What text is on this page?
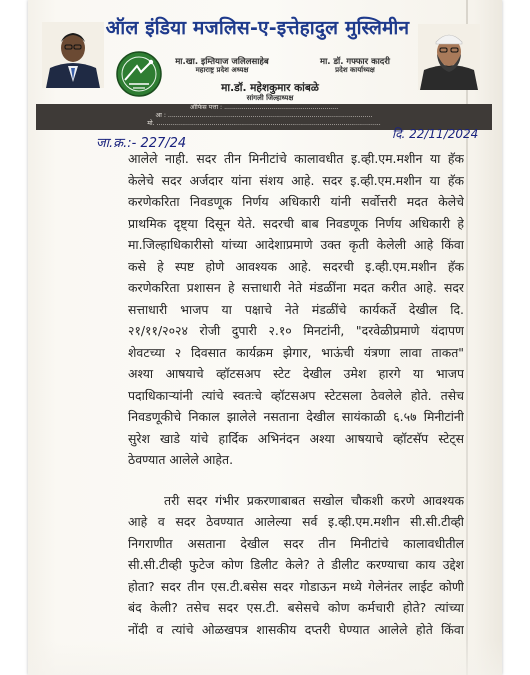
ऑल इंडिया मजलिस-ए-इत्तेहादुल मुस्लिमीन
मा.खा. इम्तियाज जलिलसाहेब
महाराष्ट्र प्रदेश अध्यक्ष
मा. डॉ. गफ्फार कादरी
प्रदेश कार्याध्यक्ष
मा.डॉ. महेशकुमार कांबळे
सांगली जिल्हाध्यक्ष
ऑफिस पत्ता : ..........................................................
आ : ........................................................................................................
मो. ..................................................................................................................
जा.क्र.:- 227/24
दि. 22/11/2024
आलेले नाही. सदर तीन मिनीटांचे कालावधीत इ.व्ही.एम.मशीन या हॅक
केलेचे सदर अर्जदार यांना संशय आहे. सदर इ.व्ही.एम.मशीन या हॅक
करणेकरिता निवडणूक निर्णय अधिकारी यांनी सर्वोत्तरी मदत केलेचे
प्राथमिक दृष्ट्या दिसून येते. सदरची बाब निवडणूक निर्णय अधिकारी हे
मा.जिल्हाधिकारीसो यांच्या आदेशाप्रमाणे उक्त कृती केलेली आहे किंवा
कसे हे स्पष्ट होणे आवश्यक आहे. सदरची इ.व्ही.एम.मशीन हॅक
करणेकरिता प्रशासन हे सत्ताधारी नेते मंडळींना मदत करीत आहे. सदर
सत्ताधारी भाजप या पक्षाचे नेते मंडळींचे कार्यकर्ते देखील दि.
२१/११/२०२४ रोजी दुपारी २.१० मिनटांनी, "दरवेळीप्रमाणे यंदापण
शेवटच्या २ दिवसात कार्यक्रम झेगार, भाऊंची यंत्रणा लावा ताकत"
अश्या आषयाचे व्हॉटसअप स्टेट देखील उमेश हारगे या भाजप
पदाधिकाऱ्यांनी त्यांचे स्वतःचे व्हॉटसअप स्टेटसला ठेवलेले होते. तसेच
निवडणूकीचे निकाल झालेले नसताना देखील सायंकाळी ६.५७ मिनीटांनी
सुरेश खाडे यांचे हार्दिक अभिनंदन अश्या आषयाचे व्हॉटसॅप स्टेट्स
ठेवण्यात आलेले आहेत.
तरी सदर गंभीर प्रकरणाबाबत सखोल चौकशी करणे आवश्यक
आहे व सदर ठेवण्यात आलेल्या सर्व इ.व्ही.एम.मशीन सी.सी.टीव्ही
निगराणीत असताना देखील सदर तीन मिनीटांचे कालावधीतील
सी.सी.टीव्ही फुटेज कोण डिलीट केले? ते डीलीट करण्याचा काय उद्देश
होता? सदर तीन एस.टी.बसेस सदर गोडाऊन मध्ये गेलेनंतर लाईट कोणी
बंद केली? तसेच सदर एस.टी. बसेसचे कोण कर्मचारी होते? त्यांच्या
नोंदी व त्यांचे ओळखपत्र शासकीय दप्तरी घेण्यात आलेले होते किंवा
